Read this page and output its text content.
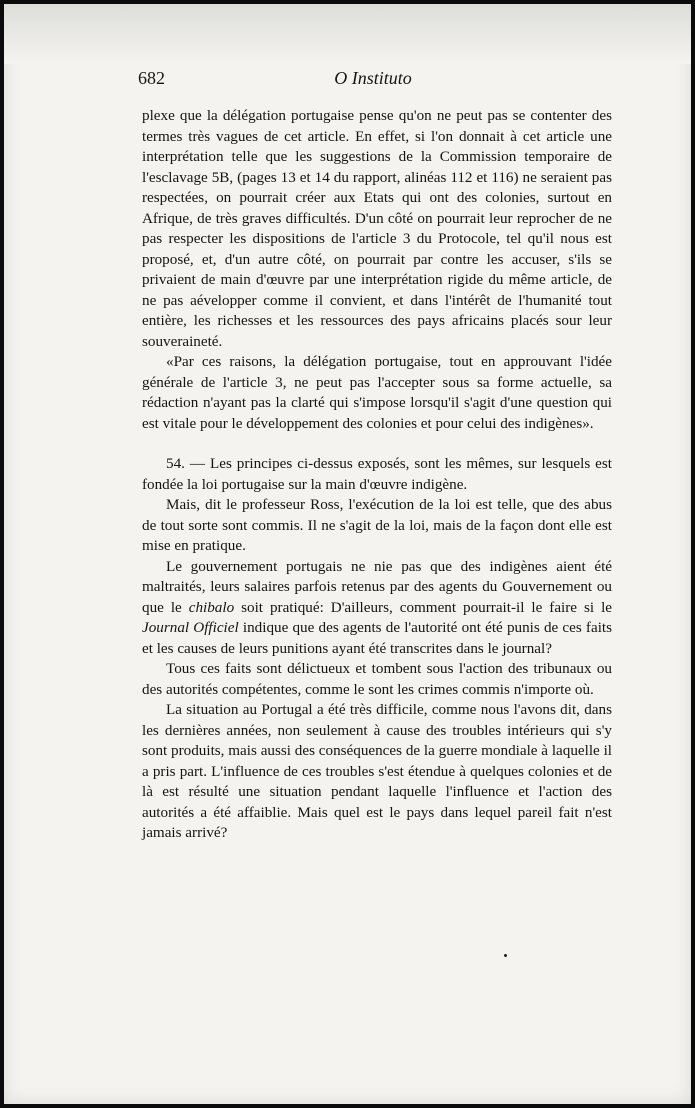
682	O Instituto

plexe que la délégation portugaise pense qu'on ne peut pas se contenter des termes très vagues de cet article. En effet, si l'on donnait à cet article une interprétation telle que les suggestions de la Commission temporaire de l'esclavage 5B, (pages 13 et 14 du rapport, alinéas 112 et 116) ne seraient pas respectées, on pourrait créer aux Etats qui ont des colonies, surtout en Afrique, de très graves difficultés. D'un côté on pourrait leur reprocher de ne pas respecter les dispositions de l'article 3 du Protocole, tel qu'il nous est proposé, et, d'un autre côté, on pourrait par contre les accuser, s'ils se privaient de main d'œuvre par une interprétation rigide du même article, de ne pas aévelopper comme il convient, et dans l'intérêt de l'humanité tout entière, les richesses et les ressources des pays africains placés sour leur souveraineté.

«Par ces raisons, la délégation portugaise, tout en approuvant l'idée générale de l'article 3, ne peut pas l'accepter sous sa forme actuelle, sa rédaction n'ayant pas la clarté qui s'impose lorsqu'il s'agit d'une question qui est vitale pour le développement des colonies et pour celui des indigènes».

54. — Les principes ci-dessus exposés, sont les mêmes, sur lesquels est fondée la loi portugaise sur la main d'œuvre indigène.

Mais, dit le professeur Ross, l'exécution de la loi est telle, que des abus de tout sorte sont commis. Il ne s'agit de la loi, mais de la façon dont elle est mise en pratique.

Le gouvernement portugais ne nie pas que des indigènes aient été maltraités, leurs salaires parfois retenus par des agents du Gouvernement ou que le chibalo soit pratiqué: D'ailleurs, comment pourrait-il le faire si le Journal Officiel indique que des agents de l'autorité ont été punis de ces faits et les causes de leurs punitions ayant été transcrites dans le journal?

Tous ces faits sont délictueux et tombent sous l'action des tribunaux ou des autorités compétentes, comme le sont les crimes commis n'importe où.

La situation au Portugal a été très difficile, comme nous l'avons dit, dans les dernières années, non seulement à cause des troubles intérieurs qui s'y sont produits, mais aussi des conséquences de la guerre mondiale à laquelle il a pris part. L'influence de ces troubles s'est étendue à quelques colonies et de là est résulté une situation pendant laquelle l'influence et l'action des autorités a été affaiblie. Mais quel est le pays dans lequel pareil fait n'est jamais arrivé?
